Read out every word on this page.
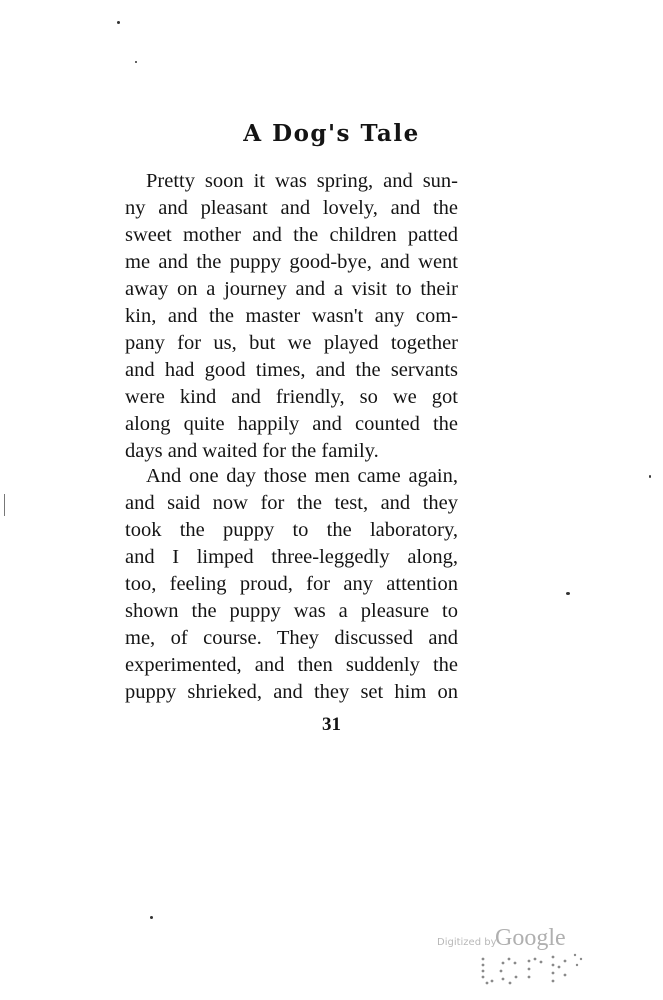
A Dog's Tale
Pretty soon it was spring, and sun-
ny and pleasant and lovely, and the
sweet mother and the children patted
me and the puppy good-bye, and went
away on a journey and a visit to their
kin, and the master wasn't any com-
pany for us, but we played together
and had good times, and the servants
were kind and friendly, so we got
along quite happily and counted the
days and waited for the family.
And one day those men came again,
and said now for the test, and they
took the puppy to the laboratory,
and I limped three-leggedly along,
too, feeling proud, for any attention
shown the puppy was a pleasure to
me, of course. They discussed and
experimented, and then suddenly the
puppy shrieked, and they set him on
31
Digitized by
Google
